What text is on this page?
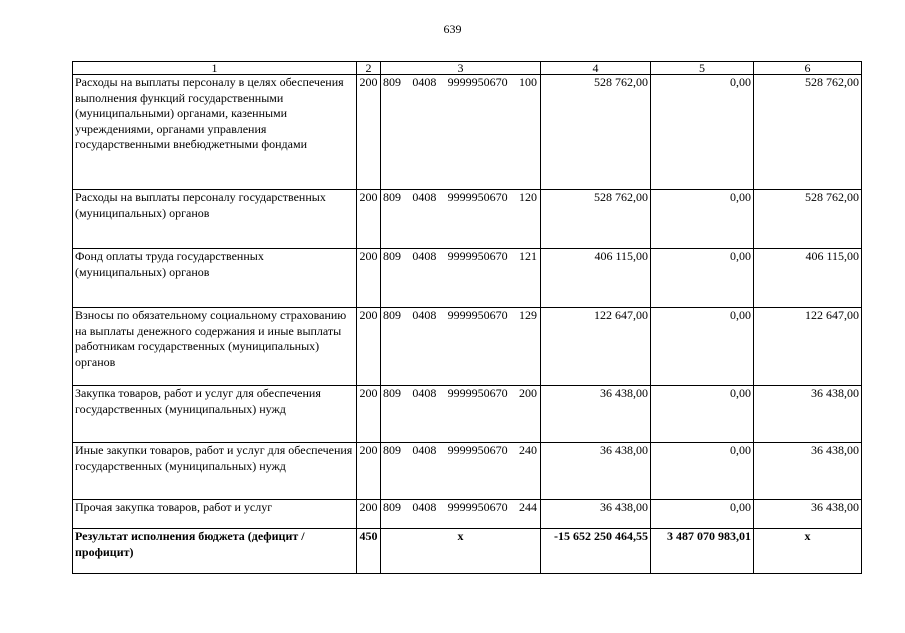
639
1	2	3	4	5	6
Расходы на выплаты персоналу в целях обеспечения выполнения функций государственными (муниципальными) органами, казенными учреждениями, органами управления государственными внебюджетными фондами	200	809 0408 9999950670 100	528 762,00	0,00	528 762,00
Расходы на выплаты персоналу государственных (муниципальных) органов	200	809 0408 9999950670 120	528 762,00	0,00	528 762,00
Фонд оплаты труда государственных (муниципальных) органов	200	809 0408 9999950670 121	406 115,00	0,00	406 115,00
Взносы по обязательному социальному страхованию на выплаты денежного содержания и иные выплаты работникам государственных (муниципальных) органов	200	809 0408 9999950670 129	122 647,00	0,00	122 647,00
Закупка товаров, работ и услуг для обеспечения государственных (муниципальных) нужд	200	809 0408 9999950670 200	36 438,00	0,00	36 438,00
Иные закупки товаров, работ и услуг для обеспечения государственных (муниципальных) нужд	200	809 0408 9999950670 240	36 438,00	0,00	36 438,00
Прочая закупка товаров, работ и услуг	200	809 0408 9999950670 244	36 438,00	0,00	36 438,00
Результат исполнения бюджета (дефицит / профицит)	450	x	-15 652 250 464,55	3 487 070 983,01	x
